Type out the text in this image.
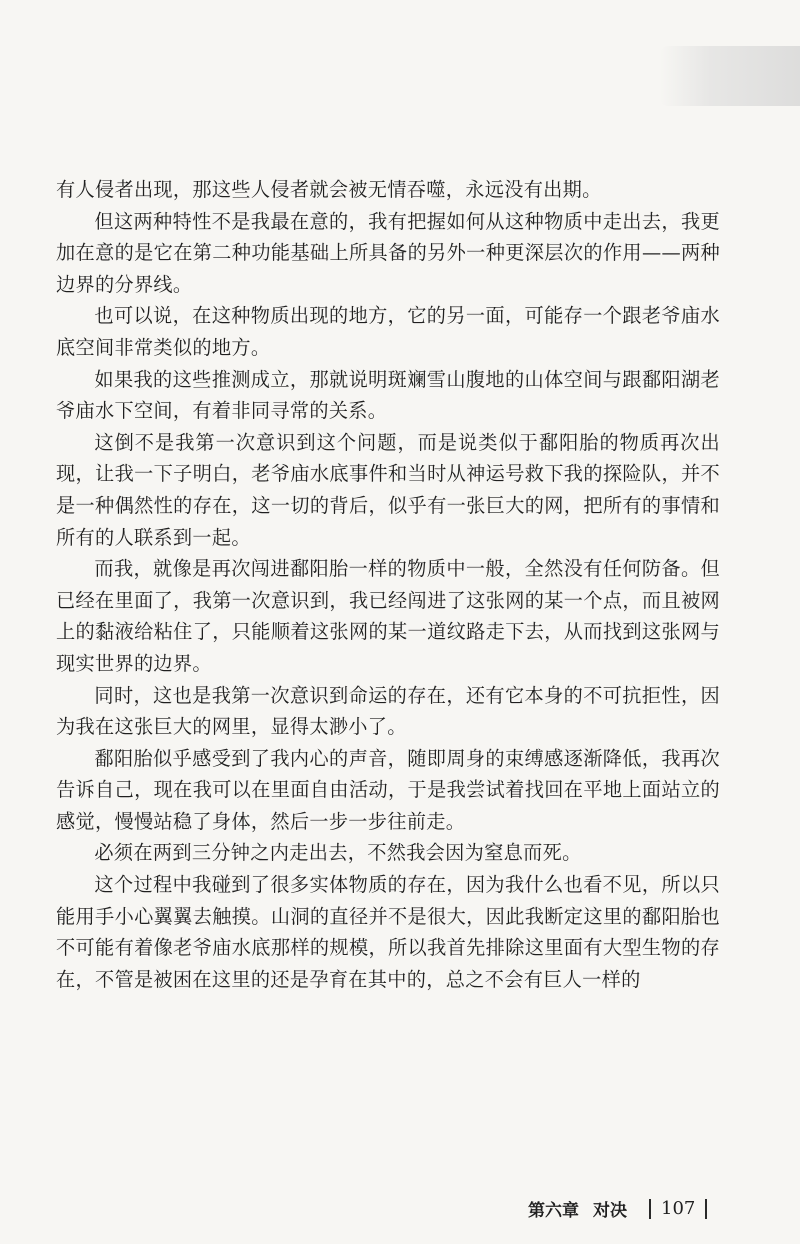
有人侵者出现，那这些人侵者就会被无情吞噬，永远没有出期。

但这两种特性不是我最在意的，我有把握如何从这种物质中走出去，我更加在意的是它在第二种功能基础上所具备的另外一种更深层次的作用——两种边界的分界线。

也可以说，在这种物质出现的地方，它的另一面，可能存一个跟老爷庙水底空间非常类似的地方。

如果我的这些推测成立，那就说明斑斓雪山腹地的山体空间与跟鄱阳湖老爷庙水下空间，有着非同寻常的关系。

这倒不是我第一次意识到这个问题，而是说类似于鄱阳胎的物质再次出现，让我一下子明白，老爷庙水底事件和当时从神运号救下我的探险队，并不是一种偶然性的存在，这一切的背后，似乎有一张巨大的网，把所有的事情和所有的人联系到一起。

而我，就像是再次闯进鄱阳胎一样的物质中一般，全然没有任何防备。但已经在里面了，我第一次意识到，我已经闯进了这张网的某一个点，而且被网上的黏液给粘住了，只能顺着这张网的某一道纹路走下去，从而找到这张网与现实世界的边界。

同时，这也是我第一次意识到命运的存在，还有它本身的不可抗拒性，因为我在这张巨大的网里，显得太渺小了。

鄱阳胎似乎感受到了我内心的声音，随即周身的束缚感逐渐降低，我再次告诉自己，现在我可以在里面自由活动，于是我尝试着找回在平地上面站立的感觉，慢慢站稳了身体，然后一步一步往前走。

必须在两到三分钟之内走出去，不然我会因为窒息而死。

这个过程中我碰到了很多实体物质的存在，因为我什么也看不见，所以只能用手小心翼翼去触摸。山洞的直径并不是很大，因此我断定这里的鄱阳胎也不可能有着像老爷庙水底那样的规模，所以我首先排除这里面有大型生物的存在，不管是被困在这里的还是孕育在其中的，总之不会有巨人一样的

第六章 对决 107
